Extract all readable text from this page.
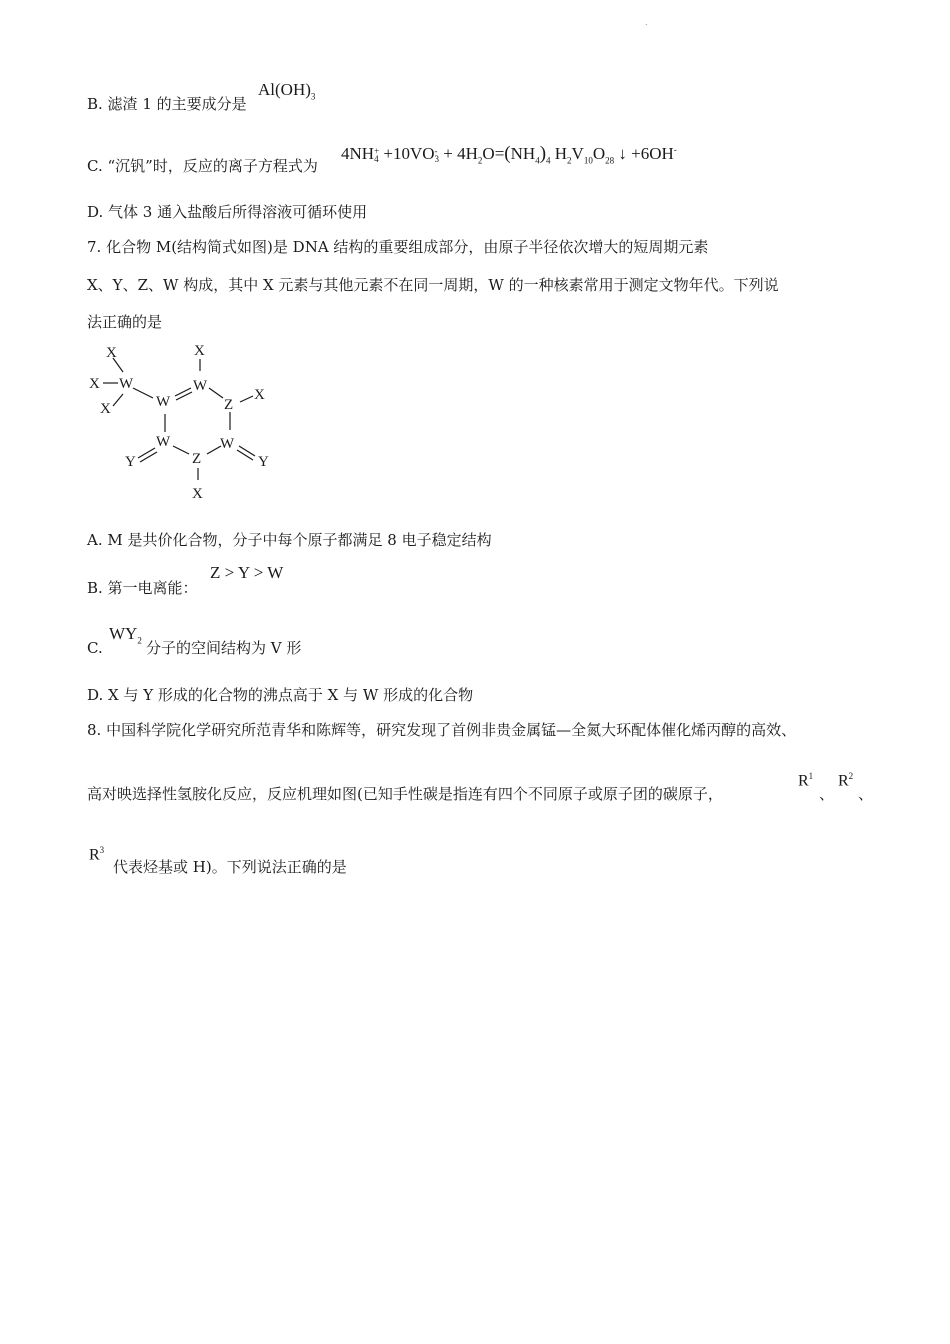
.
B. 滤渣 1 的主要成分是
$Al(OH)_3$
C. “沉钒”时，反应的离子方程式为
4NH +
4 +10VO -
$3 + 4H_2O=(NH_4)_4$ $H_2V_{10}O_{28}$ ↓ +6OH-
D. 气体 3 通入盐酸后所得溶液可循环使用
7. 化合物 M(结构简式如图)是 DNA 结构的重要组成部分，由原子半径依次增大的短周期元素
X、Y、Z、W 构成，其中 X 元素与其他元素不在同一周期，W 的一种核素常用于测定文物年代。下列说
法正确的是
X
X W
X
X
W
W	Z
X
W	W
Y	Z	Y
X
A. M 是共价化合物，分子中每个原子都满足 8 电子稳定结构
B. 第一电离能：
Z > Y > W
C.
$WY_2$ 分子的空间结构为 V 形
D. X 与 Y 形成的化合物的沸点高于 X 与 W 形成的化合物
8. 中国科学院化学研究所范青华和陈辉等，研究发现了首例非贵金属锰—全氮大环配体催化烯丙醇的高效、
高对映选择性氢胺化反应，反应机理如图(已知手性碳是指连有四个不同原子或原子团的碳原子，
$R^1$
、
$R^2$
、
$R^3$
代表烃基或 H)。下列说法正确的是
